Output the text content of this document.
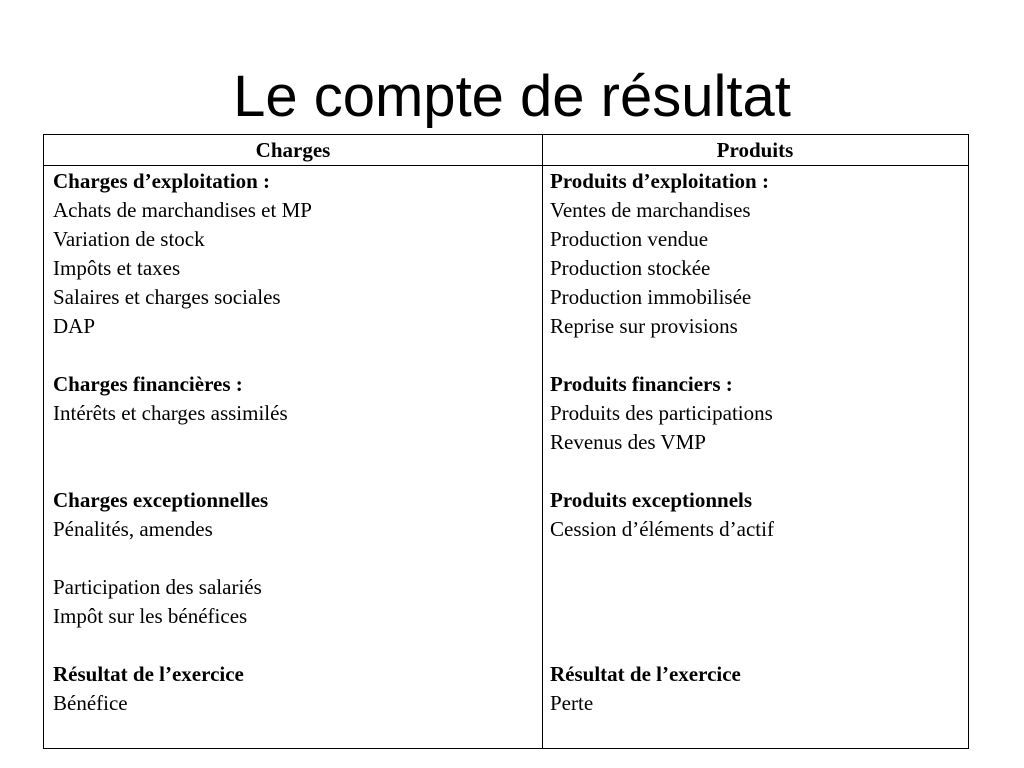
Le compte de résultat
Charges	Produits
Charges d’exploitation :
Achats de marchandises et MP
Variation de stock
Impôts et taxes
Salaires et charges sociales
DAP
Charges financières :
Intérêts et charges assimilés
Charges exceptionnelles
Pénalités, amendes
Participation des salariés
Impôt sur les bénéfices
Résultat de l’exercice
Bénéfice
Produits d’exploitation :
Ventes de marchandises
Production vendue
Production stockée
Production immobilisée
Reprise sur provisions
Produits financiers :
Produits des participations
Revenus des VMP
Produits exceptionnels
Cession d’éléments d’actif
Résultat de l’exercice
Perte
